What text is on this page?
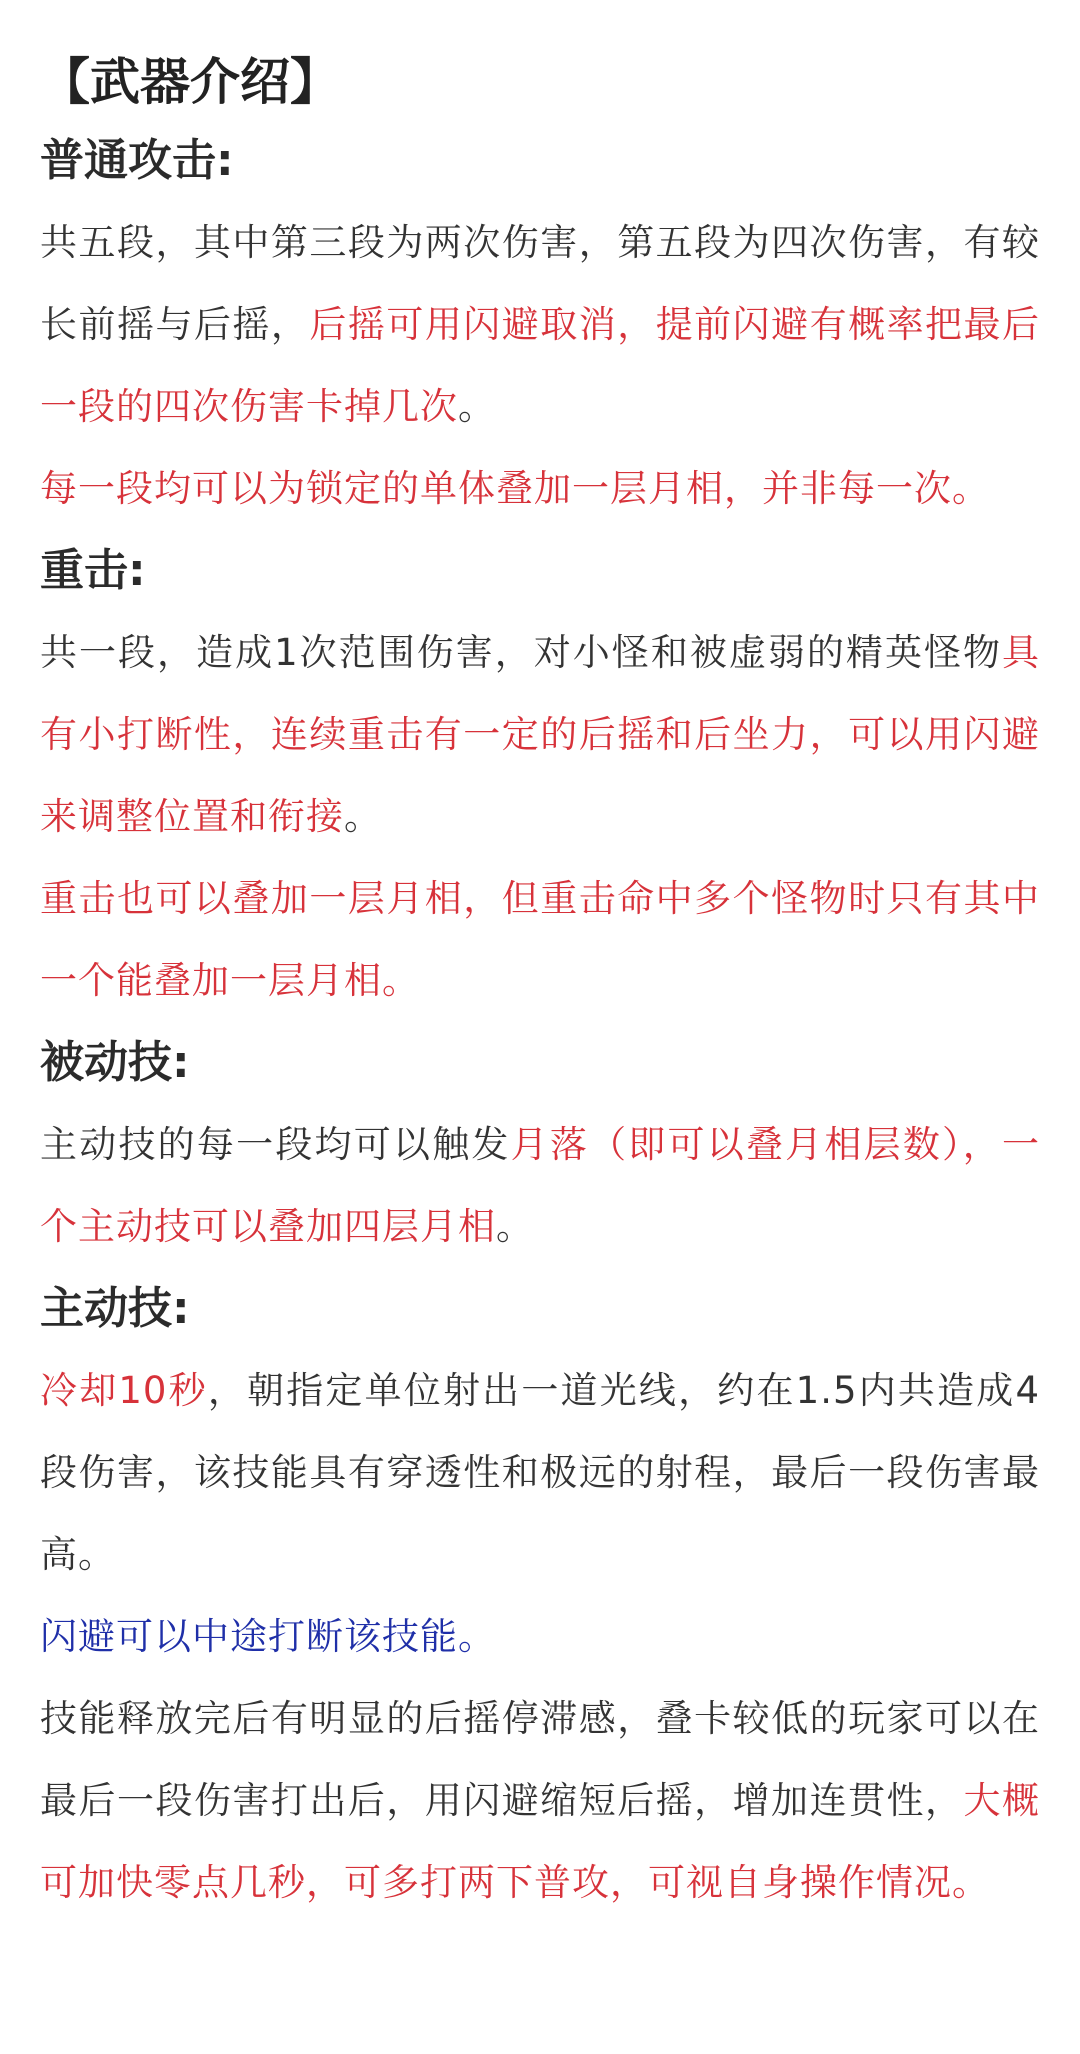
【武器介绍】
普通攻击:

共五段，其中第三段为两次伤害，第五段为四次伤害，有较长前摇与后摇，后摇可用闪避取消，提前闪避有概率把最后一段的四次伤害卡掉几次。

每一段均可以为锁定的单体叠加一层月相，并非每一次。

重击:

共一段，造成1次范围伤害，对小怪和被虚弱的精英怪物具有小打断性，连续重击有一定的后摇和后坐力，可以用闪避来调整位置和衔接。

重击也可以叠加一层月相，但重击命中多个怪物时只有其中一个能叠加一层月相。

被动技:

主动技的每一段均可以触发月落（即可以叠月相层数），一个主动技可以叠加四层月相。

主动技:

冷却10秒，朝指定单位射出一道光线，约在1.5内共造成4段伤害，该技能具有穿透性和极远的射程，最后一段伤害最高。

闪避可以中途打断该技能。

技能释放完后有明显的后摇停滞感，叠卡较低的玩家可以在最后一段伤害打出后，用闪避缩短后摇，增加连贯性，大概可加快零点几秒，可多打两下普攻，可视自身操作情况。
